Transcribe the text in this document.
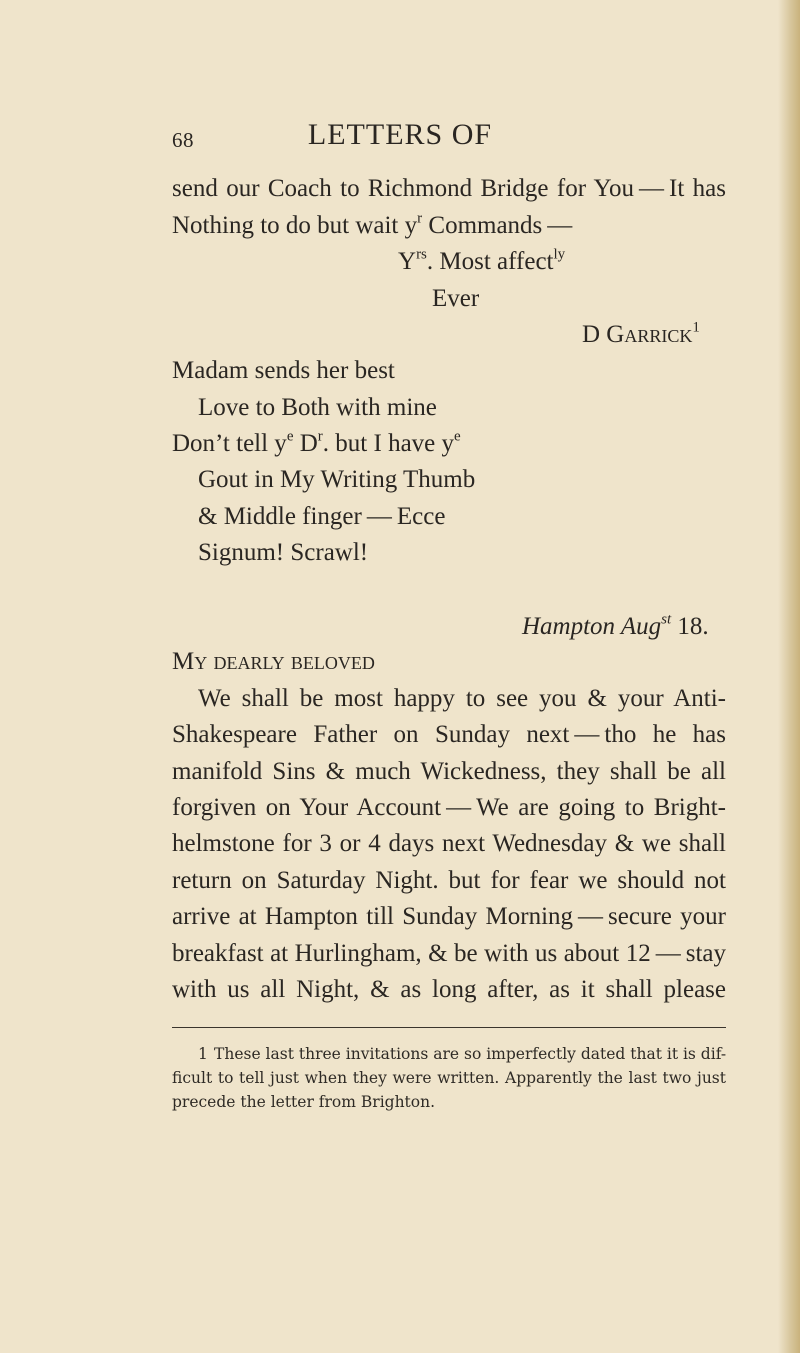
68	LETTERS OF
send our Coach to Richmond Bridge for You — It has
Nothing to do but wait $y^r$ Commands —
$Y^{rs}$. Most affect$^{ly}$
Ever
D Garrick$^1$
Madam sends her best
Love to Both with mine
Don’t tell $y^e$ $D^r$. but I have $y^e$
Gout in My Writing Thumb
& Middle finger — Ecce
Signum! Scrawl!
Hampton Aug$^{st}$ 18.
My dearly beloved
We shall be most happy to see you & your Anti-
Shakespeare Father on Sunday next — tho he has
manifold Sins & much Wickedness, they shall be all
forgiven on Your Account — We are going to Bright-
helmstone for 3 or 4 days next Wednesday & we shall
return on Saturday Night. but for fear we should not
arrive at Hampton till Sunday Morning — secure your
breakfast at Hurlingham, & be with us about 12 — stay
with us all Night, & as long after, as it shall please
1 These last three invitations are so imperfectly dated that it is dif-
ficult to tell just when they were written. Apparently the last two just
precede the letter from Brighton.
